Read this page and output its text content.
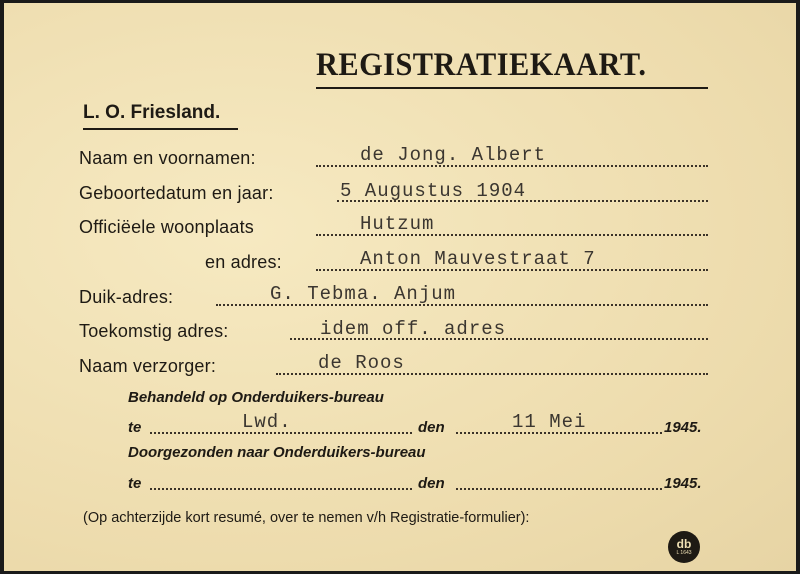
REGISTRATIEKAART.
L. O. Friesland.
Naam en voornamen:	de Jong. Albert
Geboortedatum en jaar:	5 Augustus 1904
Officiëele woonplaats	Hutzum
en adres:	Anton Mauvestraat 7
Duik-adres:	G. Tebma. Anjum
Toekomstig adres:	idem off. adres
Naam verzorger:	de Roos
Behandeld op Onderduikers-bureau
te	Lwd.	den	11 Mei	1945.
Doorgezonden naar Onderduikers-bureau
te	den	1945.
(Op achterzijde kort resumé, over te nemen v/h Registratie-formulier):
db
L 1643
